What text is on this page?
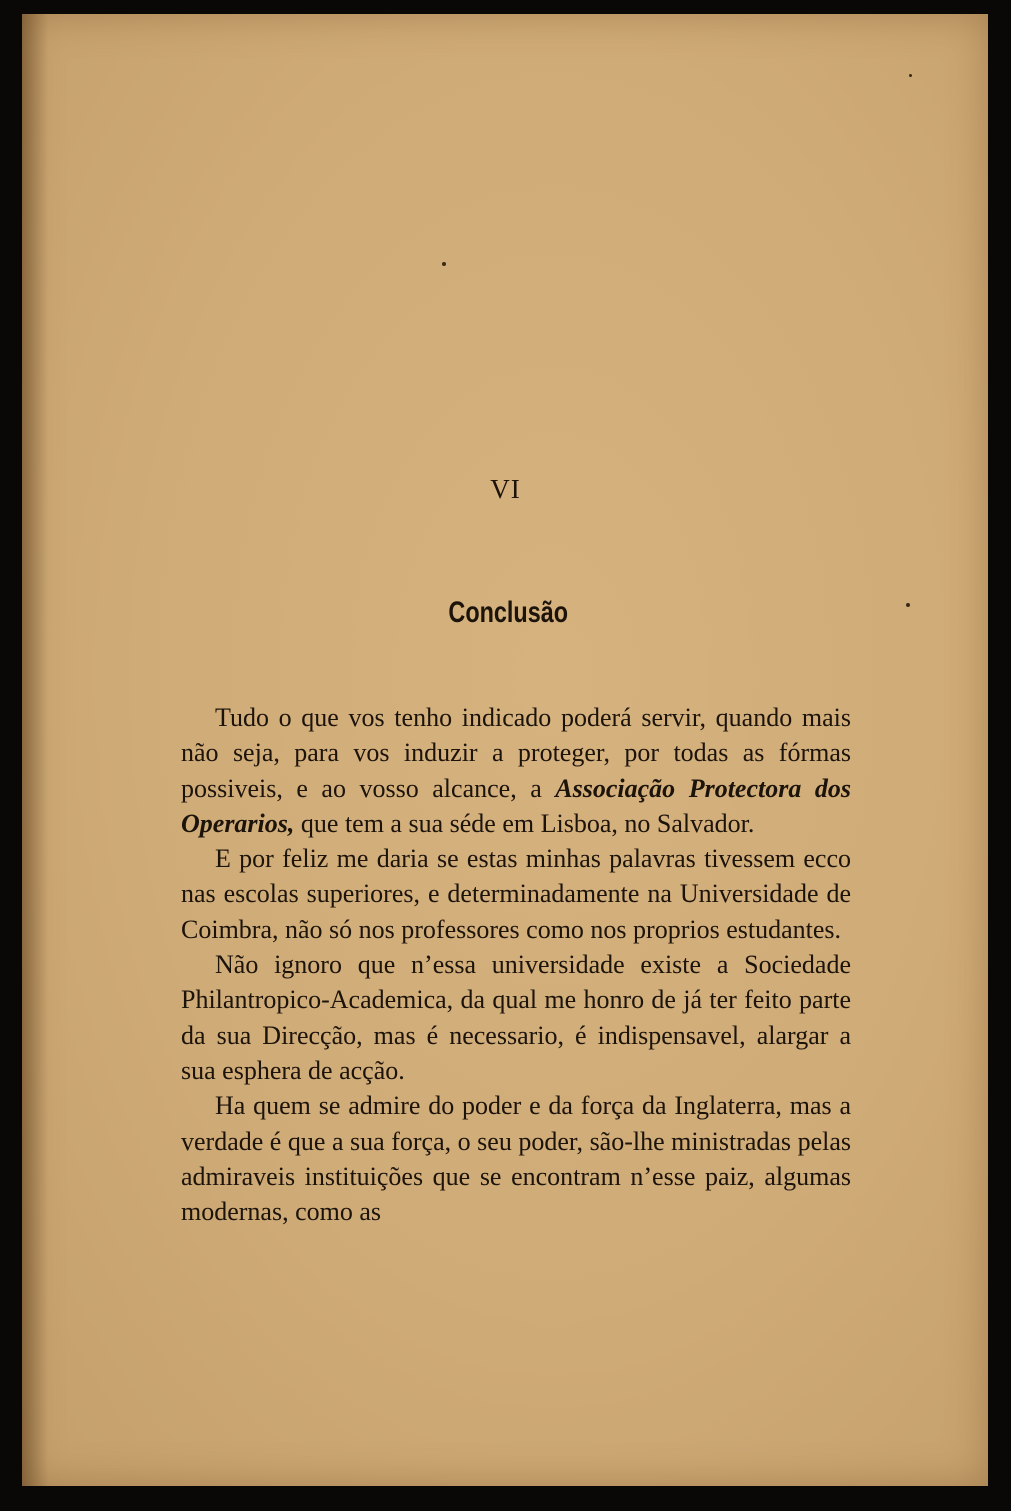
VI
Conclusão

Tudo o que vos tenho indicado poderá servir, quando mais não seja, para vos induzir a proteger, por todas as fórmas possiveis, e ao vosso alcance, a Associação Protectora dos Operarios, que tem a sua séde em Lisboa, no Salvador.

E por feliz me daria se estas minhas palavras tivessem ecco nas escolas superiores, e determinadamente na Universidade de Coimbra, não só nos professores como nos proprios estudantes.

Não ignoro que n’essa universidade existe a Sociedade Philantropico-Academica, da qual me honro de já ter feito parte da sua Direcção, mas é necessario, é indispensavel, alargar a sua esphera de acção.

Ha quem se admire do poder e da força da Inglaterra, mas a verdade é que a sua força, o seu poder, são-lhe ministradas pelas admiraveis instituições que se encontram n’esse paiz, algumas modernas, como as
